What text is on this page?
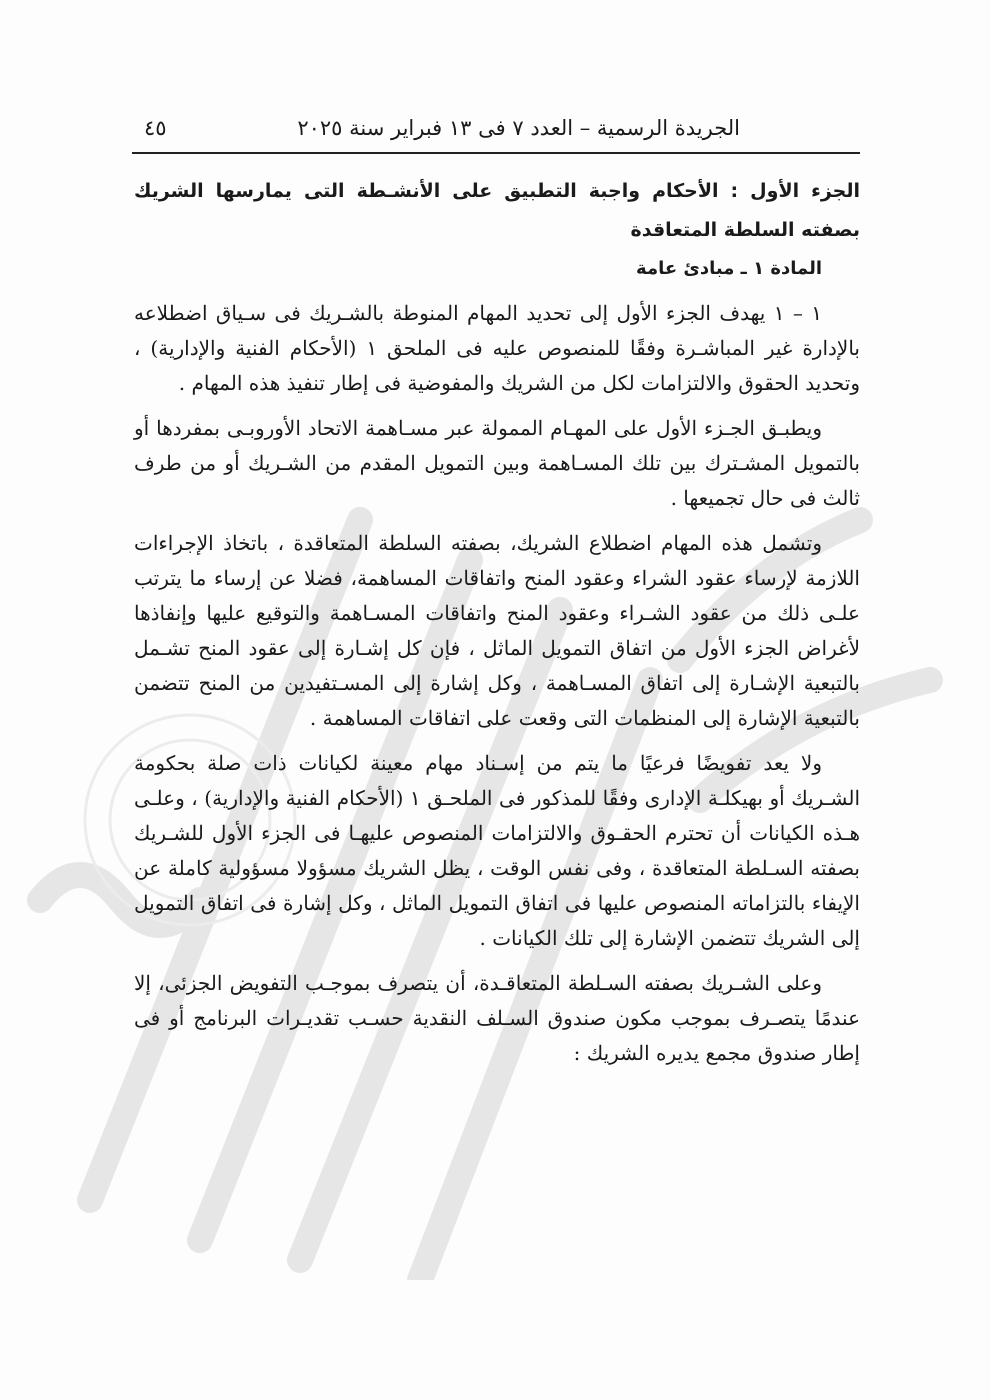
الجريدة الرسمية – العدد ٧ فى ١٣ فبراير سنة ٢٠٢٥
٤٥
الجزء الأول : الأحكام واجبة التطبيق على الأنشـطة التى يمارسها الشريك بصفته السلطة المتعاقدة
المادة ١ ـ مبادئ عامة

١ – ١ يهدف الجزء الأول إلى تحديد المهام المنوطة بالشـريك فى سـياق اضطلاعه بالإدارة غير المباشـرة وفقًا للمنصوص عليه فى الملحق ١ (الأحكام الفنية والإدارية) ، وتحديد الحقوق والالتزامات لكل من الشريك والمفوضية فى إطار تنفيذ هذه المهام .

ويطبـق الجـزء الأول على المهـام الممولة عبر مسـاهمة الاتحاد الأوروبـى بمفردها أو بالتمويل المشـترك بين تلك المسـاهمة وبين التمويل المقدم من الشـريك أو من طرف ثالث فى حال تجميعها .

وتشمل هذه المهام اضطلاع الشريك، بصفته السلطة المتعاقدة ، باتخاذ الإجراءات اللازمة لإرساء عقود الشراء وعقود المنح واتفاقات المساهمة، فضلا عن إرساء ما يترتب علـى ذلك من عقود الشـراء وعقود المنح واتفاقات المسـاهمة والتوقيع عليها وإنفاذها لأغراض الجزء الأول من اتفاق التمويل الماثل ، فإن كل إشـارة إلى عقود المنح تشـمل بالتبعية الإشـارة إلى اتفاق المسـاهمة ، وكل إشارة إلى المسـتفيدين من المنح تتضمن بالتبعية الإشارة إلى المنظمات التى وقعت على اتفاقات المساهمة .

ولا يعد تفويضًا فرعيًا ما يتم من إسـناد مهام معينة لكيانات ذات صلة بحكومة الشـريك أو بهيكلـة الإدارى وفقًا للمذكور فى الملحـق ١ (الأحكام الفنية والإدارية) ، وعلـى هـذه الكيانات أن تحترم الحقـوق والالتزامات المنصوص عليهـا فى الجزء الأول للشـريك بصفته السـلطة المتعاقدة ، وفى نفس الوقت ، يظل الشريك مسؤولا مسؤولية كاملة عن الإيفاء بالتزاماته المنصوص عليها فى اتفاق التمويل الماثل ، وكل إشارة فى اتفاق التمويل إلى الشريك تتضمن الإشارة إلى تلك الكيانات .

وعلى الشـريك بصفته السـلطة المتعاقـدة، أن يتصرف بموجـب التفويض الجزئى، إلا عندمًا يتصـرف بموجب مكون صندوق السـلف النقدية حسـب تقديـرات البرنامج أو فى إطار صندوق مجمع يديره الشريك :
